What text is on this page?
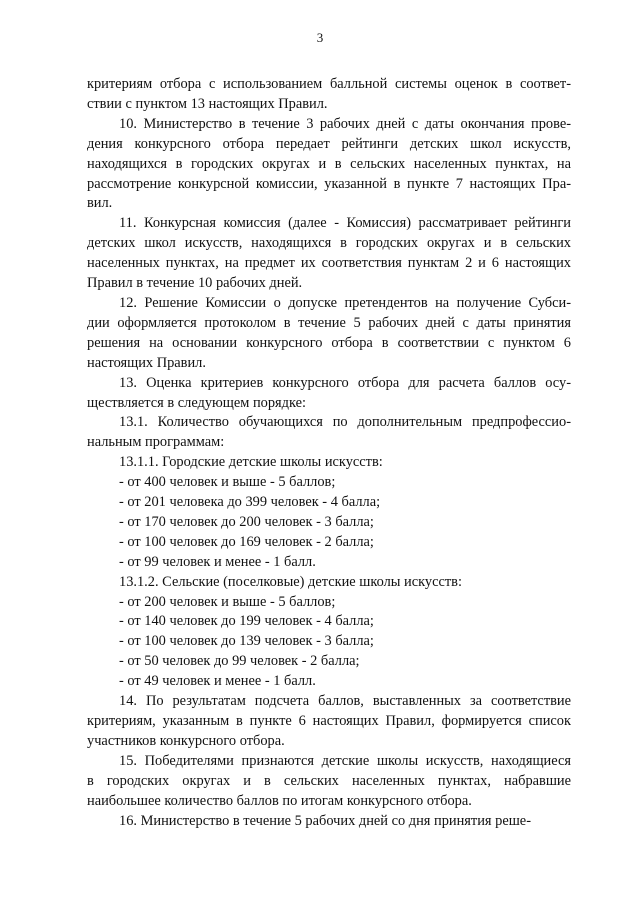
3
критериям отбора с использованием балльной системы оценок в соответ-
ствии с пунктом 13 настоящих Правил.
10. Министерство в течение 3 рабочих дней с даты окончания прове-
дения конкурсного отбора передает рейтинги детских школ искусств,
находящихся в городских округах и в сельских населенных пунктах, на
рассмотрение конкурсной комиссии, указанной в пункте 7 настоящих Пра-
вил.
11. Конкурсная комиссия (далее - Комиссия) рассматривает рейтинги
детских школ искусств, находящихся в городских округах и в сельских
населенных пунктах, на предмет их соответствия пунктам 2 и 6 настоящих
Правил в течение 10 рабочих дней.
12. Решение Комиссии о допуске претендентов на получение Субси-
дии оформляется протоколом в течение 5 рабочих дней с даты принятия
решения на основании конкурсного отбора в соответствии с пунктом 6
настоящих Правил.
13. Оценка критериев конкурсного отбора для расчета баллов осу-
ществляется в следующем порядке:
13.1. Количество обучающихся по дополнительным предпрофессио-
нальным программам:
13.1.1. Городские детские школы искусств:
- от 400 человек и выше - 5 баллов;
- от 201 человека до 399 человек - 4 балла;
- от 170 человек до 200 человек - 3 балла;
- от 100 человек до 169 человек - 2 балла;
- от 99 человек и менее - 1 балл.
13.1.2. Сельские (поселковые) детские школы искусств:
- от 200 человек и выше - 5 баллов;
- от 140 человек до 199 человек - 4 балла;
- от 100 человек до 139 человек - 3 балла;
- от 50 человек до 99 человек - 2 балла;
- от 49 человек и менее - 1 балл.
14. По результатам подсчета баллов, выставленных за соответствие
критериям, указанным в пункте 6 настоящих Правил, формируется список
участников конкурсного отбора.
15. Победителями признаются детские школы искусств, находящиеся
в городских округах и в сельских населенных пунктах, набравшие
наибольшее количество баллов по итогам конкурсного отбора.
16. Министерство в течение 5 рабочих дней со дня принятия реше-
